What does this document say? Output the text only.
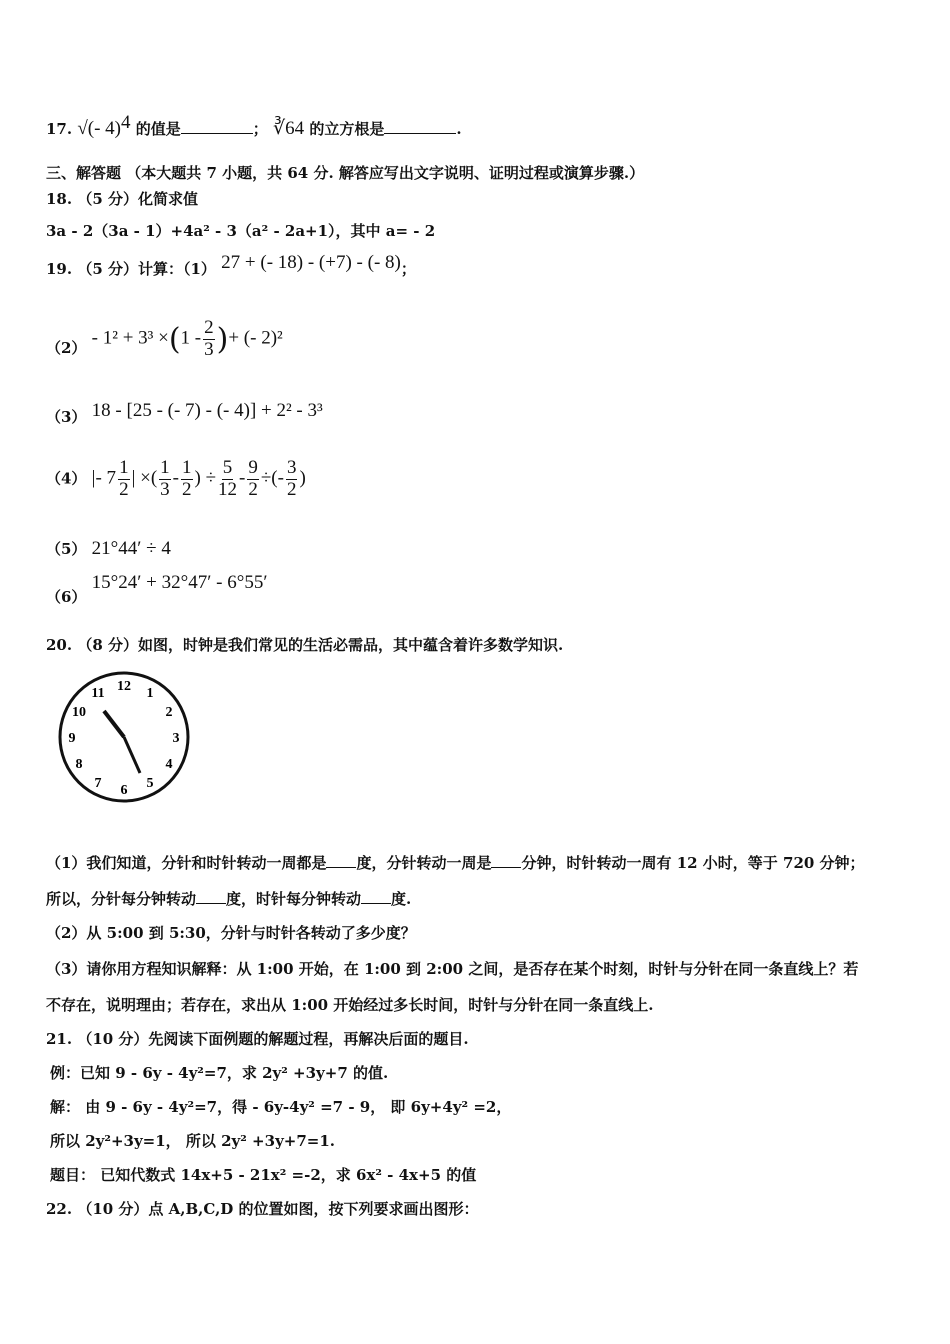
17. √(- 4)$^4$ 的值是	； ∛64 的立方根是	.
三、解答题 （本大题共 7 小题，共 64 分. 解答应写出文字说明、证明过程或演算步骤.）
18. （5 分）化简求值
3a - 2（3a - 1）+4a² - 3（a² - 2a+1），其中 a= - 2
19. （5 分）计算：（1） 27 + (- 18) - (+7) - (- 8)；
$(2) - 1^2 + 3^3 \times(1 - \frac{2}{3}$ )+ (- 2)²
（3） 18 - [25 - (- 7) - (- 4)] + 2² - 3³
（4） |- $7 \frac{1}{2}$ | ×( $\frac{1}{3} - \frac{1}{2}$ ) ÷ $\frac{5}{12} - \frac{9}{2}$ ÷(- $\frac{3}{2}$ )
（5） 21°44′ ÷ 4
（6） 15°24′ + 32°47′ - 6°55′
20. （8 分）如图，时钟是我们常见的生活必需品，其中蕴含着许多数学知识.
12 1
2
3
4
5
6
7
8
9
10
11
（1）我们知道，分针和时针转动一周都是 度，分针转动一周是 分钟，时针转动一周有 12 小时，等于 720 分钟；
所以，分针每分钟转动 度，时针每分钟转动 度.
（2）从 5:00 到 5:30，分针与时针各转动了多少度？
（3）请你用方程知识解释：从 1:00 开始，在 1:00 到 2:00 之间，是否存在某个时刻，时针与分针在同一条直线上？若
不存在，说明理由；若存在，求出从 1:00 开始经过多长时间，时针与分针在同一条直线上.
21. （10 分）先阅读下面例题的解题过程，再解决后面的题目.
例：已知 9 - 6y - 4y²=7，求 2y² +3y+7 的值.
解： 由 9 - 6y - 4y²=7，得 - 6y-4y² =7 - 9， 即 6y+4y² =2，
所以 2y²+3y=1， 所以 2y² +3y+7=1.
题目： 已知代数式 14x+5 - 21x² =-2，求 6x² - 4x+5 的值
22. （10 分）点 A,B,C,D 的位置如图，按下列要求画出图形：
